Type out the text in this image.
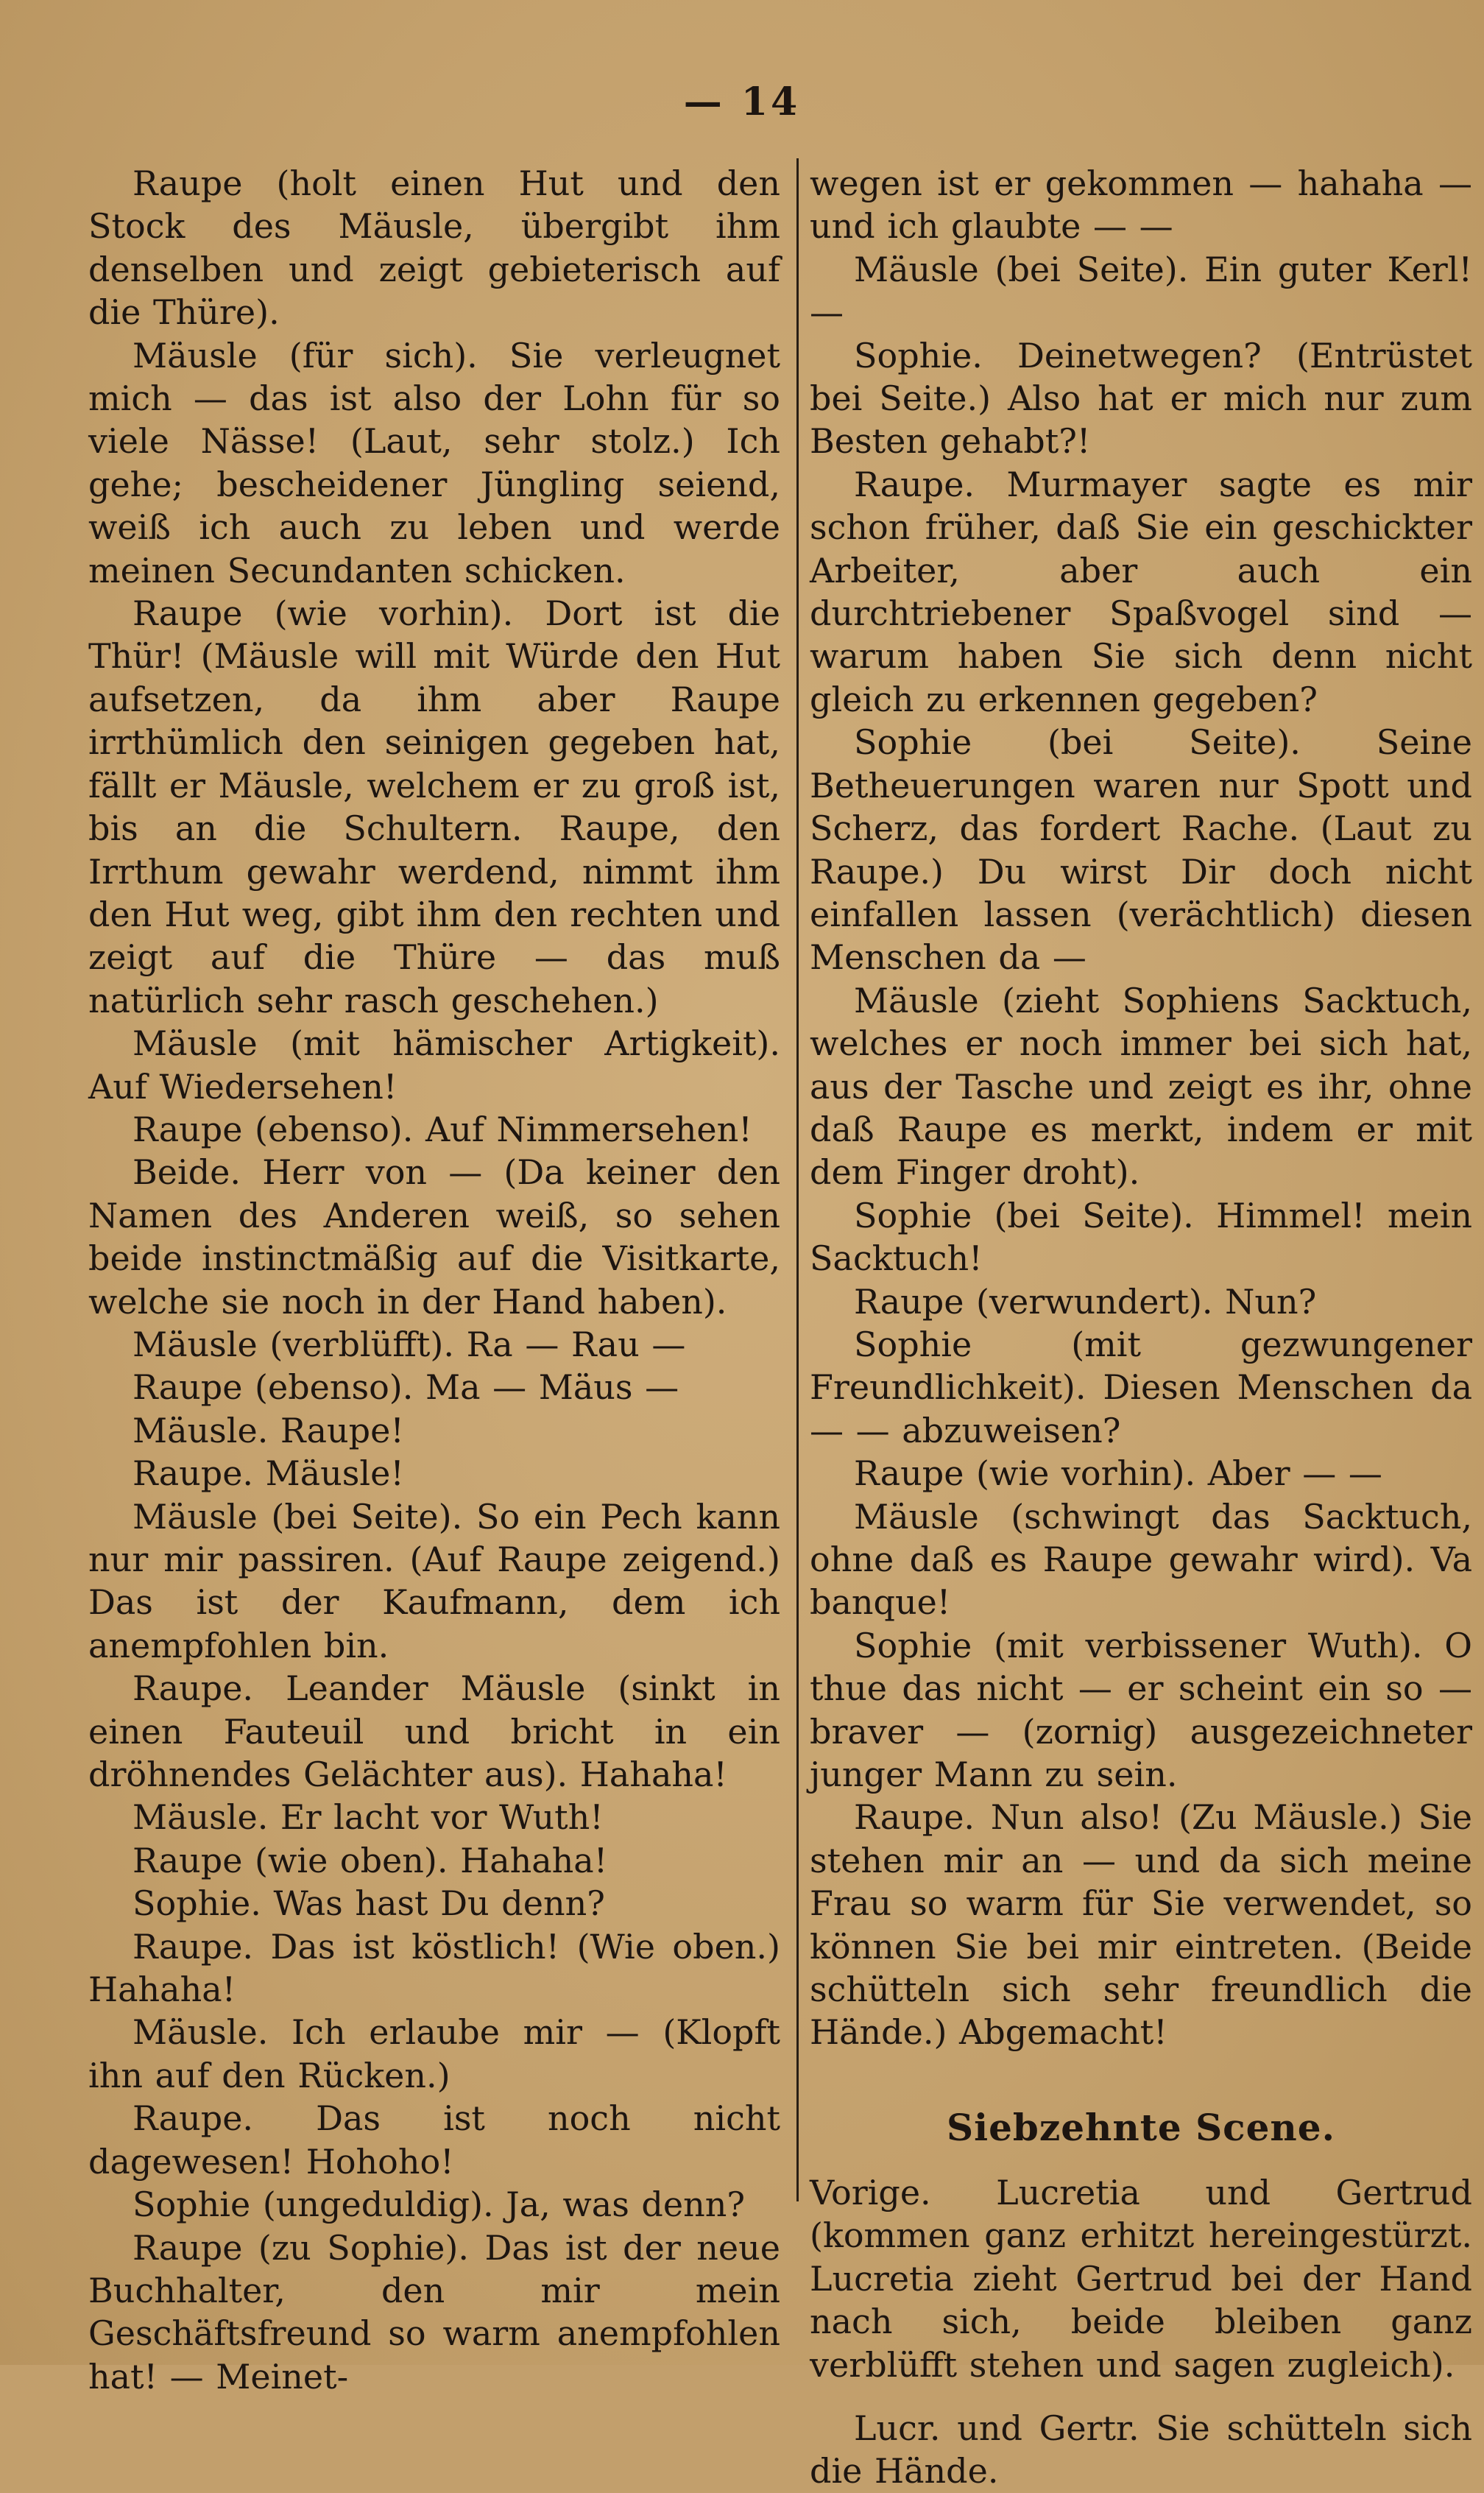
— 14

Raupe (holt einen Hut und den Stock des Mäusle, übergibt ihm denselben und zeigt gebieterisch auf die Thüre).

Mäusle (für sich). Sie verleugnet mich — das ist also der Lohn für so viele Nässe! (Laut, sehr stolz.) Ich gehe; bescheidener Jüngling seiend, weiß ich auch zu leben und werde meinen Secundanten schicken.

Raupe (wie vorhin). Dort ist die Thür! (Mäusle will mit Würde den Hut aufsetzen, da ihm aber Raupe irrthümlich den seinigen gegeben hat, fällt er Mäusle, welchem er zu groß ist, bis an die Schultern. Raupe, den Irrthum gewahr werdend, nimmt ihm den Hut weg, gibt ihm den rechten und zeigt auf die Thüre — das muß natürlich sehr rasch geschehen.)

Mäusle (mit hämischer Artigkeit). Auf Wiedersehen!

Raupe (ebenso). Auf Nimmersehen!

Beide. Herr von — (Da keiner den Namen des Anderen weiß, so sehen beide instinctmäßig auf die Visitkarte, welche sie noch in der Hand haben).

Mäusle (verblüfft). Ra — Rau —

Raupe (ebenso). Ma — Mäus —

Mäusle. Raupe!

Raupe. Mäusle!

Mäusle (bei Seite). So ein Pech kann nur mir passiren. (Auf Raupe zeigend.) Das ist der Kaufmann, dem ich anempfohlen bin.

Raupe. Leander Mäusle (sinkt in einen Fauteuil und bricht in ein dröhnendes Gelächter aus). Hahaha!

Mäusle. Er lacht vor Wuth!

Raupe (wie oben). Hahaha!

Sophie. Was hast Du denn?

Raupe. Das ist köstlich! (Wie oben.) Hahaha!

Mäusle. Ich erlaube mir — (Klopft ihn auf den Rücken.)

Raupe. Das ist noch nicht dagewesen! Hohoho!

Sophie (ungeduldig). Ja, was denn?

Raupe (zu Sophie). Das ist der neue Buchhalter, den mir mein Geschäftsfreund so warm anempfohlen hat! — Meinet-

wegen ist er gekommen — hahaha — und ich glaubte — —

Mäusle (bei Seite). Ein guter Kerl! —

Sophie. Deinetwegen? (Entrüstet bei Seite.) Also hat er mich nur zum Besten gehabt?!

Raupe. Murmayer sagte es mir schon früher, daß Sie ein geschickter Arbeiter, aber auch ein durchtriebener Spaßvogel sind — warum haben Sie sich denn nicht gleich zu erkennen gegeben?

Sophie (bei Seite). Seine Betheuerungen waren nur Spott und Scherz, das fordert Rache. (Laut zu Raupe.) Du wirst Dir doch nicht einfallen lassen (verächtlich) diesen Menschen da —

Mäusle (zieht Sophiens Sacktuch, welches er noch immer bei sich hat, aus der Tasche und zeigt es ihr, ohne daß Raupe es merkt, indem er mit dem Finger droht).

Sophie (bei Seite). Himmel! mein Sacktuch!

Raupe (verwundert). Nun?

Sophie (mit gezwungener Freundlichkeit). Diesen Menschen da — — abzuweisen?

Raupe (wie vorhin). Aber — —

Mäusle (schwingt das Sacktuch, ohne daß es Raupe gewahr wird). Va banque!

Sophie (mit verbissener Wuth). O thue das nicht — er scheint ein so — braver — (zornig) ausgezeichneter junger Mann zu sein.

Raupe. Nun also! (Zu Mäusle.) Sie stehen mir an — und da sich meine Frau so warm für Sie verwendet, so können Sie bei mir eintreten. (Beide schütteln sich sehr freundlich die Hände.) Abgemacht!

Siebzehnte Scene.

Vorige. Lucretia und Gertrud (kommen ganz erhitzt hereingestürzt. Lucretia zieht Gertrud bei der Hand nach sich, beide bleiben ganz verblüfft stehen und sagen zugleich).

Lucr. und Gertr. Sie schütteln sich die Hände.
